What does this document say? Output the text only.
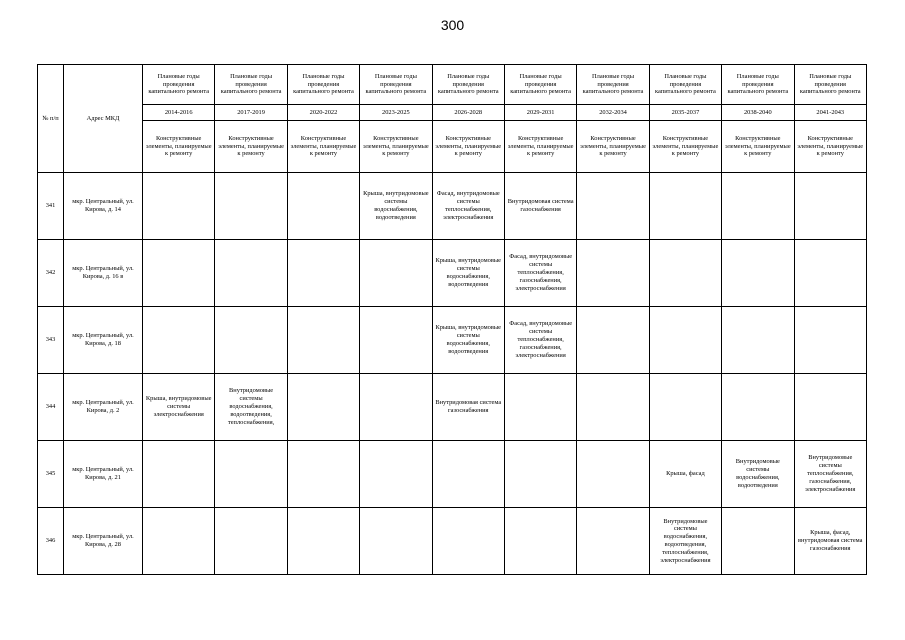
300
№ п/п	Адрес МКД	Плановые годы проведения капитального ремонта	Плановые годы проведения капитального ремонта	Плановые годы проведения капитального ремонта	Плановые годы проведения капитального ремонта	Плановые годы проведения капитального ремонта	Плановые годы проведения капитального ремонта	Плановые годы проведения капитального ремонта	Плановые годы проведения капитального ремонта	Плановые годы проведения капитального ремонта	Плановые годы проведения капитального ремонта
		2014-2016	2017-2019	2020-2022	2023-2025	2026-2028	2029-2031	2032-2034	2035-2037	2038-2040	2041-2043
		Конструктивные элементы, планируемые к ремонту	Конструктивные элементы, планируемые к ремонту	Конструктивные элементы, планируемые к ремонту	Конструктивные элементы, планируемые к ремонту	Конструктивные элементы, планируемые к ремонту	Конструктивные элементы, планируемые к ремонту	Конструктивные элементы, планируемые к ремонту	Конструктивные элементы, планируемые к ремонту	Конструктивные элементы, планируемые к ремонту	Конструктивные элементы, планируемые к ремонту
341	мкр. Центральный, ул. Кирова, д. 14				Крыша, внутридомовые системы водоснабжения, водоотведения	Фасад, внутридомовые системы теплоснабжения, электроснабжения	Внутридомовая система газоснабжения				
342	мкр. Центральный, ул. Кирова, д. 16 в					Крыша, внутридомовые системы водоснабжения, водоотведения	Фасад, внутридомовые системы теплоснабжения, газоснабжения, электроснабжения				
343	мкр. Центральный, ул. Кирова, д. 18					Крыша, внутридомовые системы водоснабжения, водоотведения	Фасад, внутридомовые системы теплоснабжения, газоснабжения, электроснабжения				
344	мкр. Центральный, ул. Кирова, д. 2	Крыша, внутридомовые системы электроснабжения	Внутридомовые системы водоснабжения, водоотведения, теплоснабжения,			Внутридомовая система газоснабжения					
345	мкр. Центральный, ул. Кирова, д. 21								Крыша, фасад	Внутридомовые системы водоснабжения, водоотведения	Внутридомовые системы теплоснабжения, газоснабжения, электроснабжения
346	мкр. Центральный, ул. Кирова, д. 28								Внутридомовые системы водоснабжения, водоотведения, теплоснабжения, электроснабжения		Крыша, фасад, внутридомовая система газоснабжения
